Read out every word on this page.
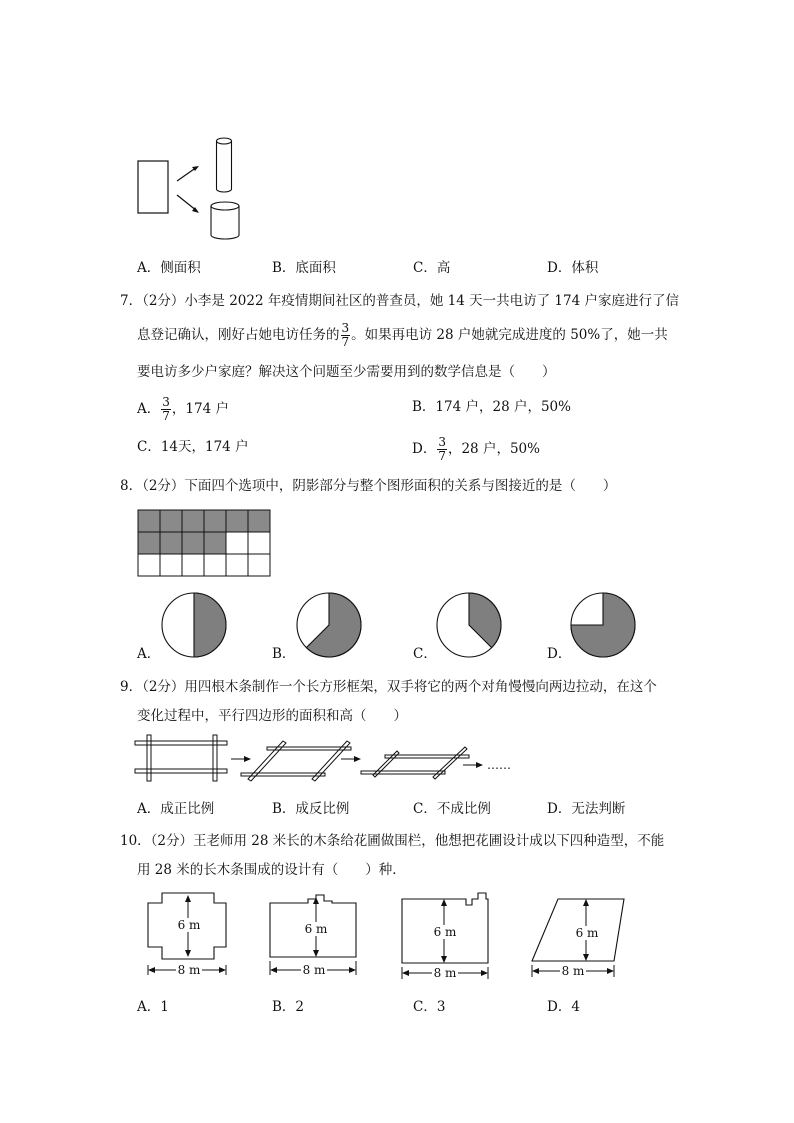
A．侧面积	B．底面积	C．高	D．体积
7．（2分）小李是 2022 年疫情期间社区的普查员，她 14 天一共电访了 174 户家庭进行了信
息登记确认，刚好占她电访任务的 $\frac{3}{7}$ 。如果再电访 28 户她就完成进度的 50%了，她一共
要电访多少户家庭？解决这个问题至少需要用到的数学信息是（　　）
A． $\frac{3}{7}$ ，174 户	B．174 户，28 户，50%
C．14天，174 户	D． $\frac{3}{7}$ ，28 户，50%
8．（2分）下面四个选项中，阴影部分与整个图形面积的关系与图接近的是（　　）
A．	B．	C．	D．
9．（2分）用四根木条制作一个长方形框架，双手将它的两个对角慢慢向两边拉动，在这个
变化过程中，平行四边形的面积和高（　　）
……
A．成正比例	B．成反比例	C．不成比例	D．无法判断
10．（2分）王老师用 28 米长的木条给花圃做围栏，他想把花圃设计成以下四种造型，不能
用 28 米的长木条围成的设计有（　　）种．
6 m
8 m
6 m
8 m
6 m
8 m
6 m
8 m
A．1	B．2	C．3	D．4
